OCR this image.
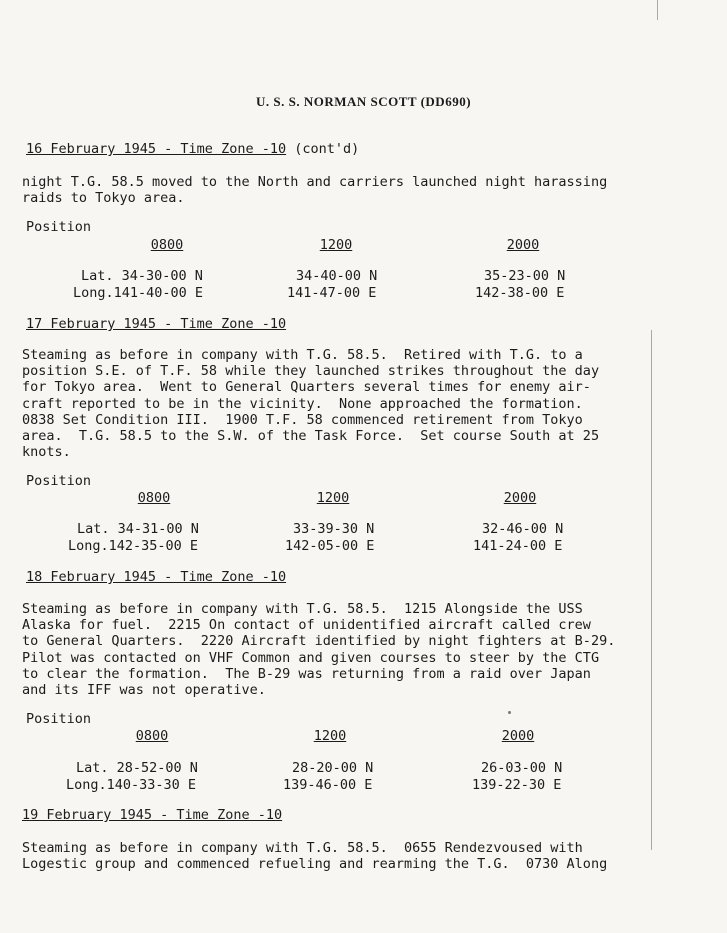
U. S. S. NORMAN SCOTT (DD690)
16 February 1945 - Time Zone -10 (cont'd)
night T.G. 58.5 moved to the North and carriers launched night harassing
raids to Tokyo area.
Position
0800	1200	2000
Lat. 34-30-00 N	34-40-00 N	35-23-00 N
Long.141-40-00 E	141-47-00 E	142-38-00 E
17 February 1945 - Time Zone -10
Steaming as before in company with T.G. 58.5.  Retired with T.G. to a
position S.E. of T.F. 58 while they launched strikes throughout the day
for Tokyo area.  Went to General Quarters several times for enemy air-
craft reported to be in the vicinity.  None approached the formation.
0838 Set Condition III.  1900 T.F. 58 commenced retirement from Tokyo
area.  T.G. 58.5 to the S.W. of the Task Force.  Set course South at 25
knots.
Position
0800	1200	2000
Lat. 34-31-00 N	33-39-30 N	32-46-00 N
Long.142-35-00 E	142-05-00 E	141-24-00 E
18 February 1945 - Time Zone -10
Steaming as before in company with T.G. 58.5.  1215 Alongside the USS
Alaska for fuel.  2215 On contact of unidentified aircraft called crew
to General Quarters.  2220 Aircraft identified by night fighters at B-29.
Pilot was contacted on VHF Common and given courses to steer by the CTG
to clear the formation.  The B-29 was returning from a raid over Japan
and its IFF was not operative.
Position
0800	1200	2000
Lat. 28-52-00 N	28-20-00 N	26-03-00 N
Long.140-33-30 E	139-46-00 E	139-22-30 E
19 February 1945 - Time Zone -10
Steaming as before in company with T.G. 58.5.  0655 Rendezvoused with
Logestic group and commenced refueling and rearming the T.G.  0730 Along
